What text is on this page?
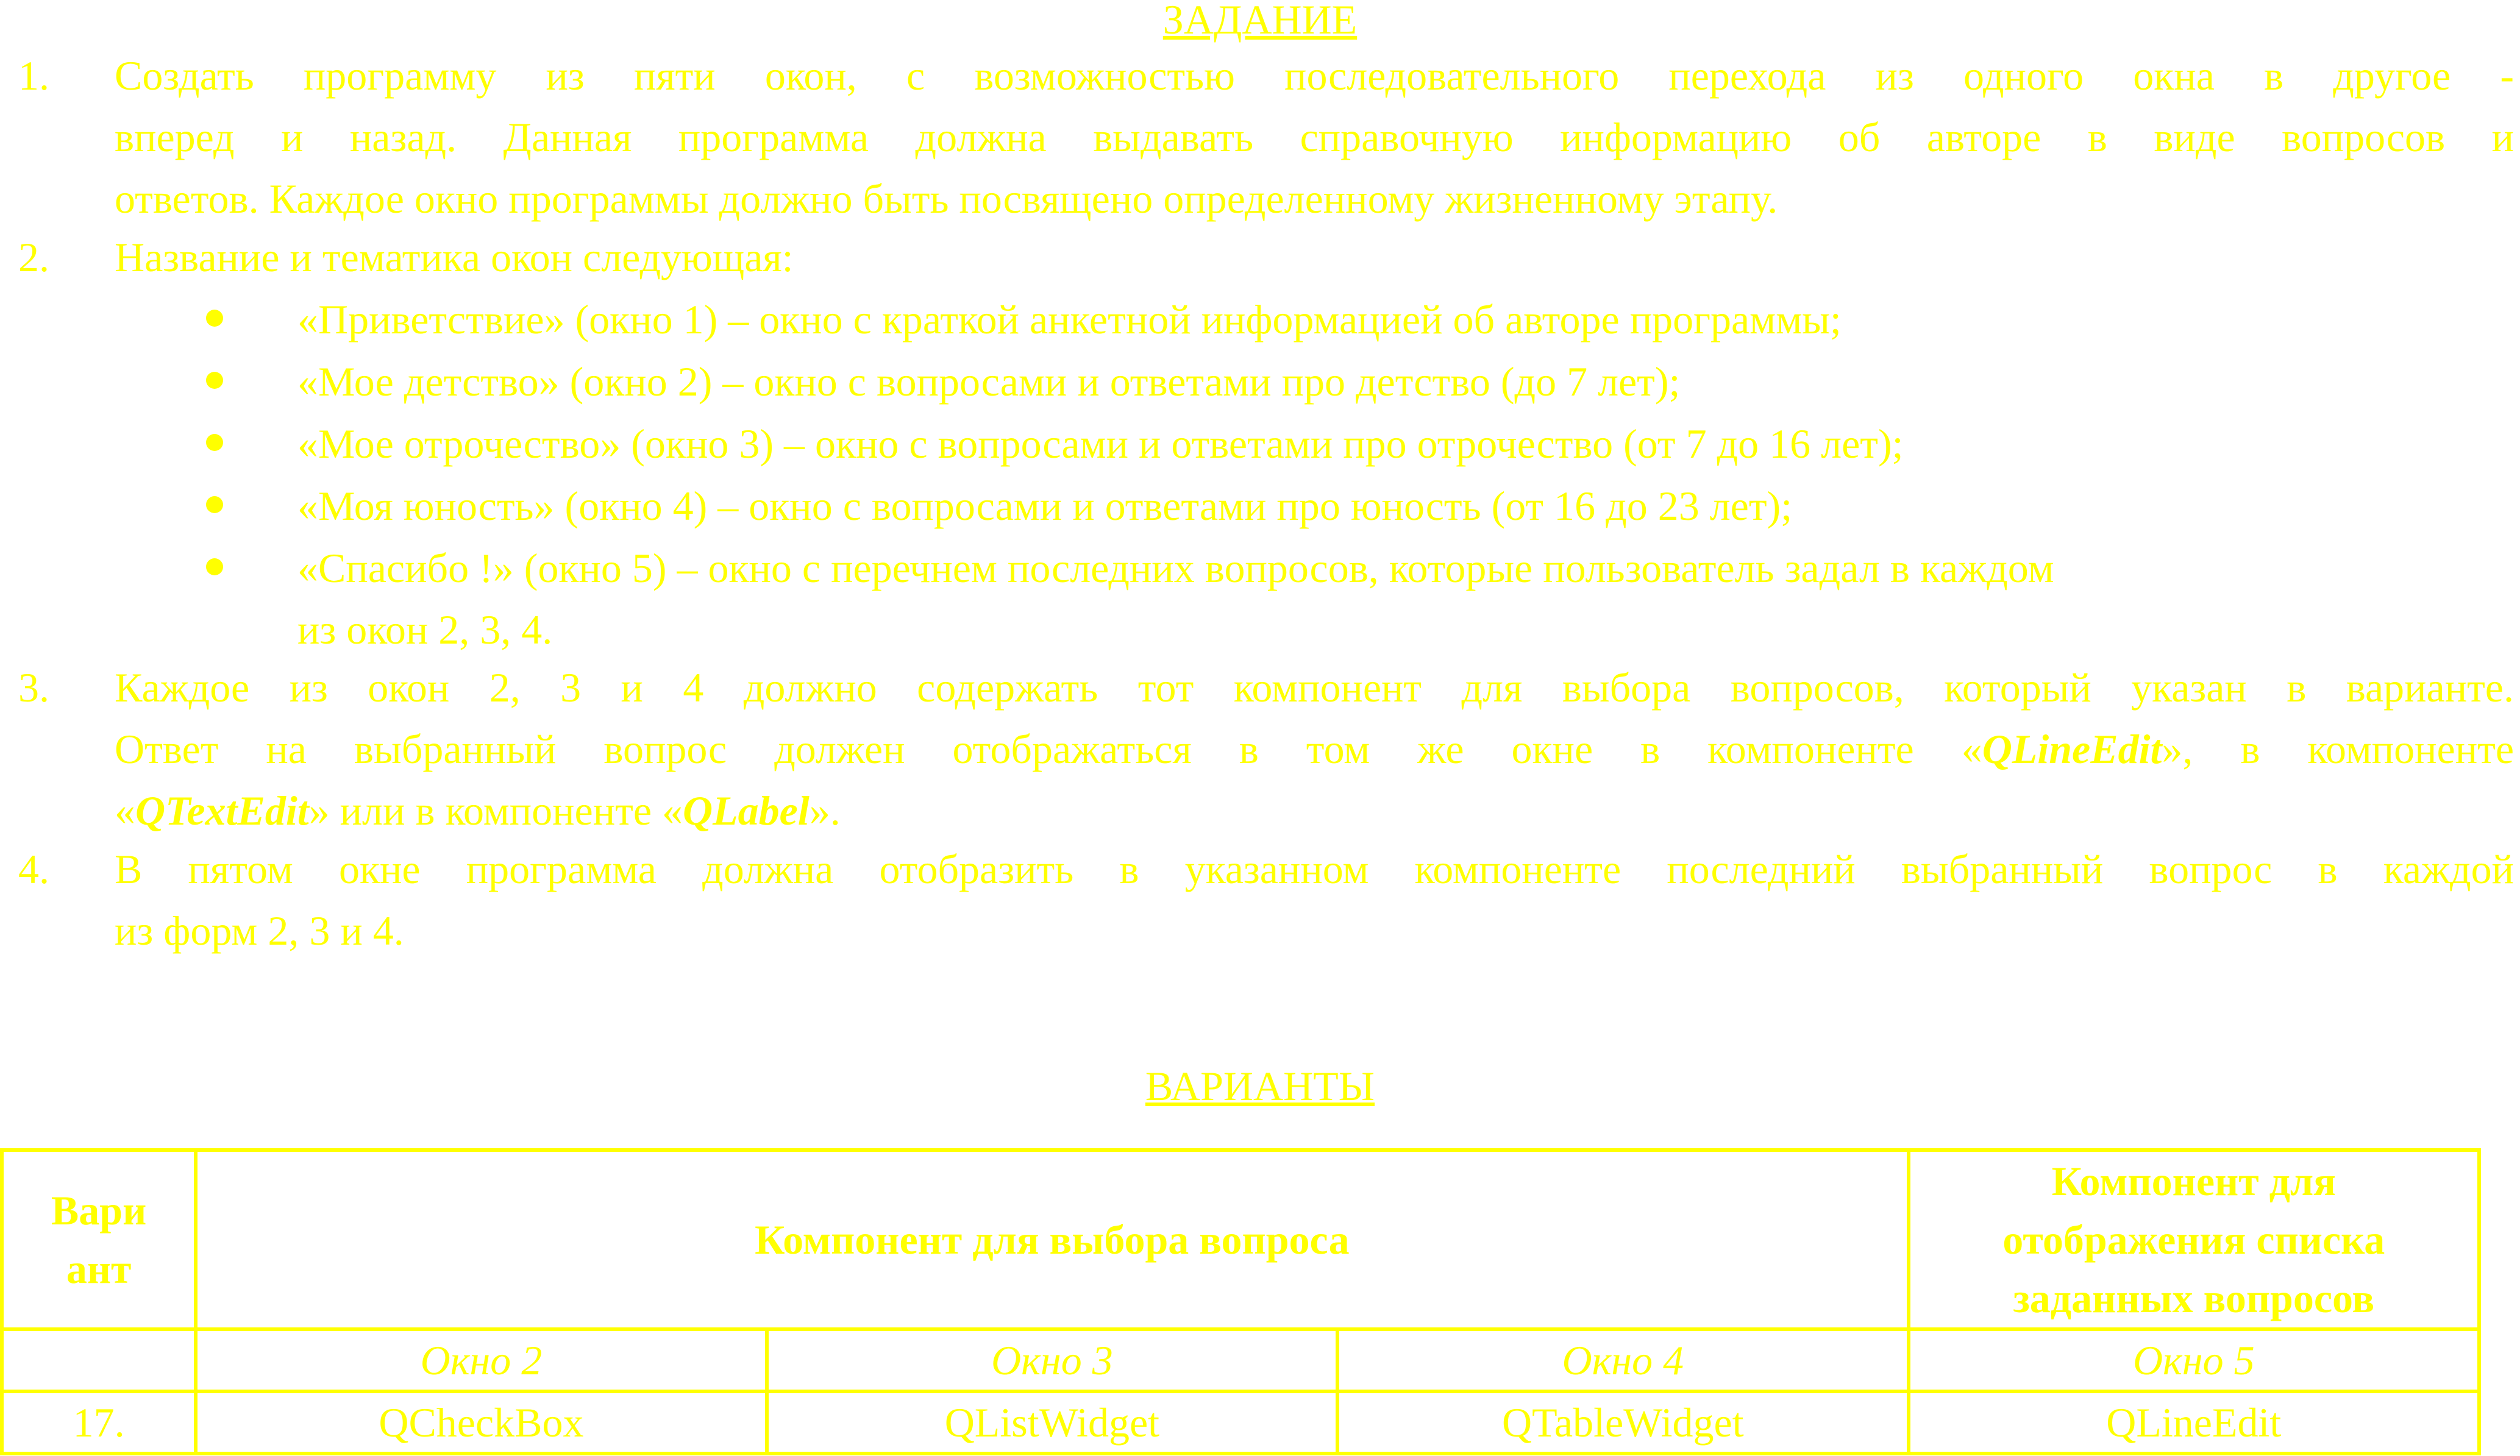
ЗАДАНИЕ
1. Создать программу из пяти окон, с возможностью последовательного перехода из одного окна в другое -
вперед и назад. Данная программа должна выдавать справочную информацию об авторе в виде вопросов и
ответов. Каждое окно программы должно быть посвящено определенному жизненному этапу.
2. Название и тематика окон следующая:
«Приветствие» (окно 1) – окно с краткой анкетной информацией об авторе программы;
«Мое детство» (окно 2) – окно с вопросами и ответами про детство (до 7 лет);
«Мое отрочество» (окно 3) – окно с вопросами и ответами про отрочество (от 7 до 16 лет);
«Моя юность» (окно 4) – окно с вопросами и ответами про юность (от 16 до 23 лет);
«Спасибо !» (окно 5) – окно с перечнем последних вопросов, которые пользователь задал в каждом
из окон 2, 3, 4.
3. Каждое из окон 2, 3 и 4 должно содержать тот компонент для выбора вопросов, который указан в варианте.
Ответ на выбранный вопрос должен отображаться в том же окне в компоненте «QLineEdit», в компоненте
«QTextEdit» или в компоненте «QLabel».
4. В пятом окне программа должна отобразить в указанном компоненте последний выбранный вопрос в каждой
из форм 2, 3 и 4.
ВАРИАНТЫ
Вари
ант	Компонент для выбора вопроса			Компонент для
отображения списка
заданных вопросов

	Окно 2	Окно 3	Окно 4	Окно 5
17.	QCheckBox	QListWidget	QTableWidget	QLineEdit
